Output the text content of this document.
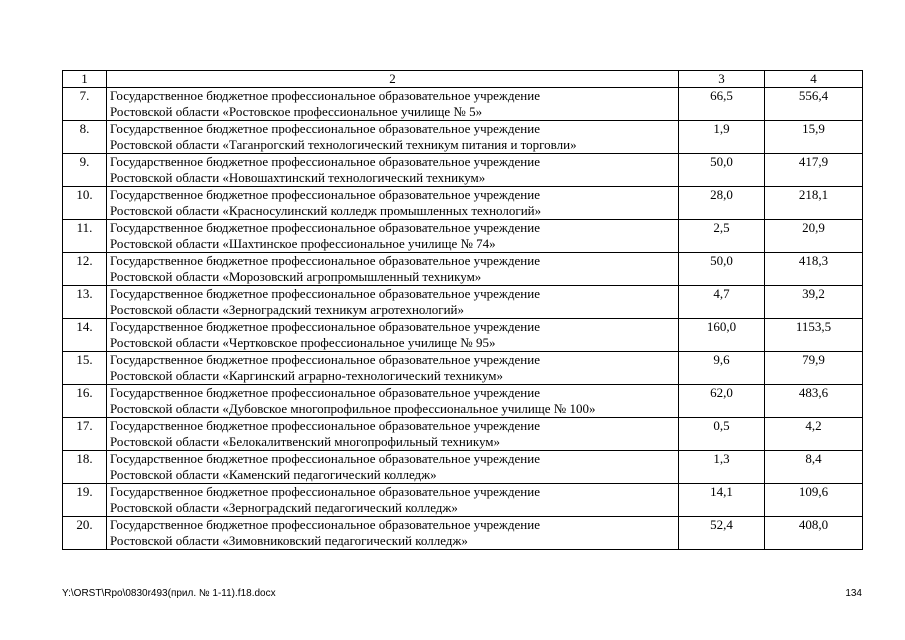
1	2	3	4
7.	Государственное бюджетное профессиональное образовательное учреждение
Ростовской области «Ростовское профессиональное училище № 5»	66,5	556,4
8.	Государственное бюджетное профессиональное образовательное учреждение
Ростовской области «Таганрогский технологический техникум питания и торговли»	1,9	15,9
9.	Государственное бюджетное профессиональное образовательное учреждение
Ростовской области «Новошахтинский технологический техникум»	50,0	417,9
10.	Государственное бюджетное профессиональное образовательное учреждение
Ростовской области «Красносулинский колледж промышленных технологий»	28,0	218,1
11.	Государственное бюджетное профессиональное образовательное учреждение
Ростовской области «Шахтинское профессиональное училище № 74»	2,5	20,9
12.	Государственное бюджетное профессиональное образовательное учреждение
Ростовской области «Морозовский агропромышленный техникум»	50,0	418,3
13.	Государственное бюджетное профессиональное образовательное учреждение
Ростовской области «Зерноградский техникум агротехнологий»	4,7	39,2
14.	Государственное бюджетное профессиональное образовательное учреждение
Ростовской области «Чертковское профессиональное училище № 95»	160,0	1153,5
15.	Государственное бюджетное профессиональное образовательное учреждение
Ростовской области «Каргинский аграрно-технологический техникум»	9,6	79,9
16.	Государственное бюджетное профессиональное образовательное учреждение
Ростовской области «Дубовское многопрофильное профессиональное училище № 100»	62,0	483,6
17.	Государственное бюджетное профессиональное образовательное учреждение
Ростовской области «Белокалитвенский многопрофильный техникум»	0,5	4,2
18.	Государственное бюджетное профессиональное образовательное учреждение
Ростовской области «Каменский педагогический колледж»	1,3	8,4
19.	Государственное бюджетное профессиональное образовательное учреждение
Ростовской области «Зерноградский педагогический колледж»	14,1	109,6
20.	Государственное бюджетное профессиональное образовательное учреждение
Ростовской области «Зимовниковский педагогический колледж»	52,4	408,0
Y:\ORST\Rpo\0830r493(прил. № 1-11).f18.docx	134
